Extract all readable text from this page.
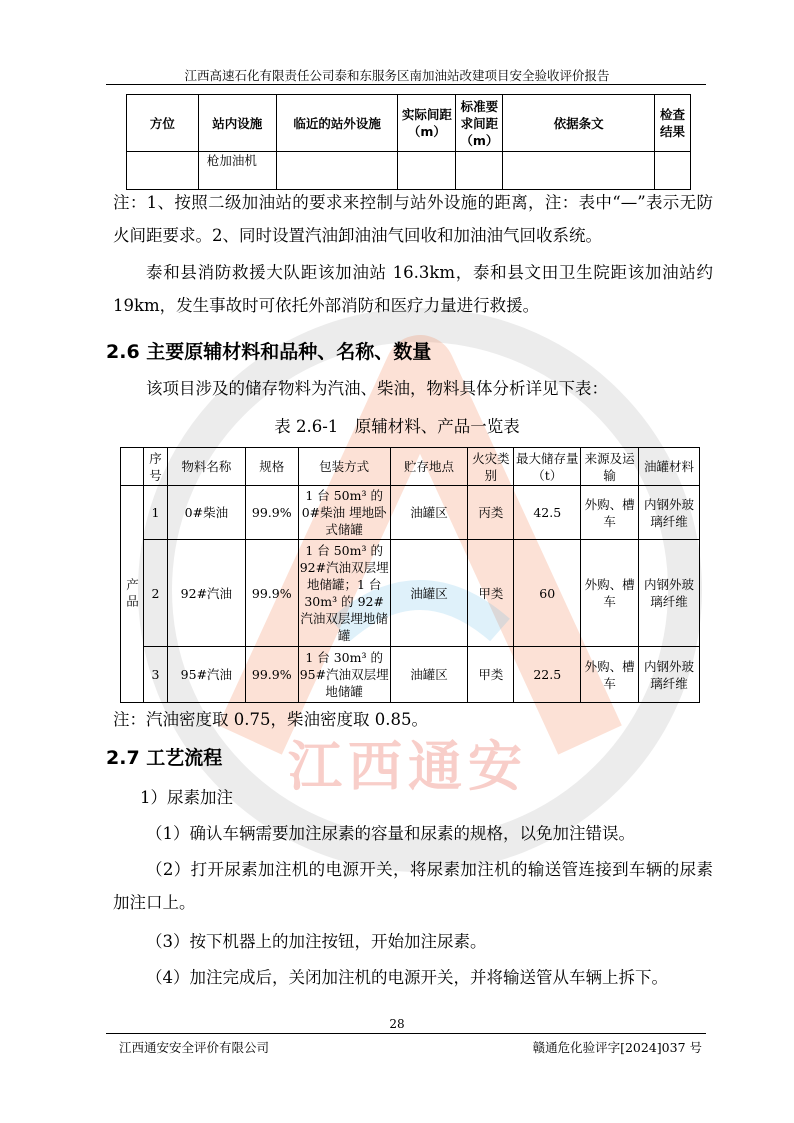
江西高速石化有限责任公司泰和东服务区南加油站改建项目安全验收评价报告
方位	站内设施	临近的站外设施	实际间距（m）	标准要求间距（m）	依据条文	检查结果
	枪加油机					
注：1、按照二级加油站的要求来控制与站外设施的距离，注：表中“—”表示无防火间距要求。2、同时设置汽油卸油油气回收和加油油气回收系统。
泰和县消防救援大队距该加油站 16.3km，泰和县文田卫生院距该加油站约 19km，发生事故时可依托外部消防和医疗力量进行救援。
2.6 主要原辅材料和品种、名称、数量
该项目涉及的储存物料为汽油、柴油，物料具体分析详见下表：
表 2.6-1　原辅材料、产品一览表
	序号	物料名称	规格	包装方式	贮存地点	火灾类别	最大储存量（t）	来源及运输	油罐材料
产品	1	0#柴油	99.9%	1 台 50m³ 的 0#柴油 埋地卧式储罐	油罐区	丙类	42.5	外购、槽车	内钢外玻璃纤维
	2	92#汽油	99.9%	1 台 50m³ 的 92#汽油双层埋地储罐；1 台 30m³ 的 92#汽油双层埋地储罐	油罐区	甲类	60	外购、槽车	内钢外玻璃纤维
	3	95#汽油	99.9%	1 台 30m³ 的 95#汽油双层埋地储罐	油罐区	甲类	22.5	外购、槽车	内钢外玻璃纤维
注：汽油密度取 0.75，柴油密度取 0.85。
江西通安
2.7 工艺流程
1）尿素加注
（1）确认车辆需要加注尿素的容量和尿素的规格，以免加注错误。
（2）打开尿素加注机的电源开关，将尿素加注机的输送管连接到车辆的尿素加注口上。
（3）按下机器上的加注按钮，开始加注尿素。
（4）加注完成后，关闭加注机的电源开关，并将输送管从车辆上拆下。
28
江西通安安全评价有限公司	赣通危化验评字[2024]037 号
